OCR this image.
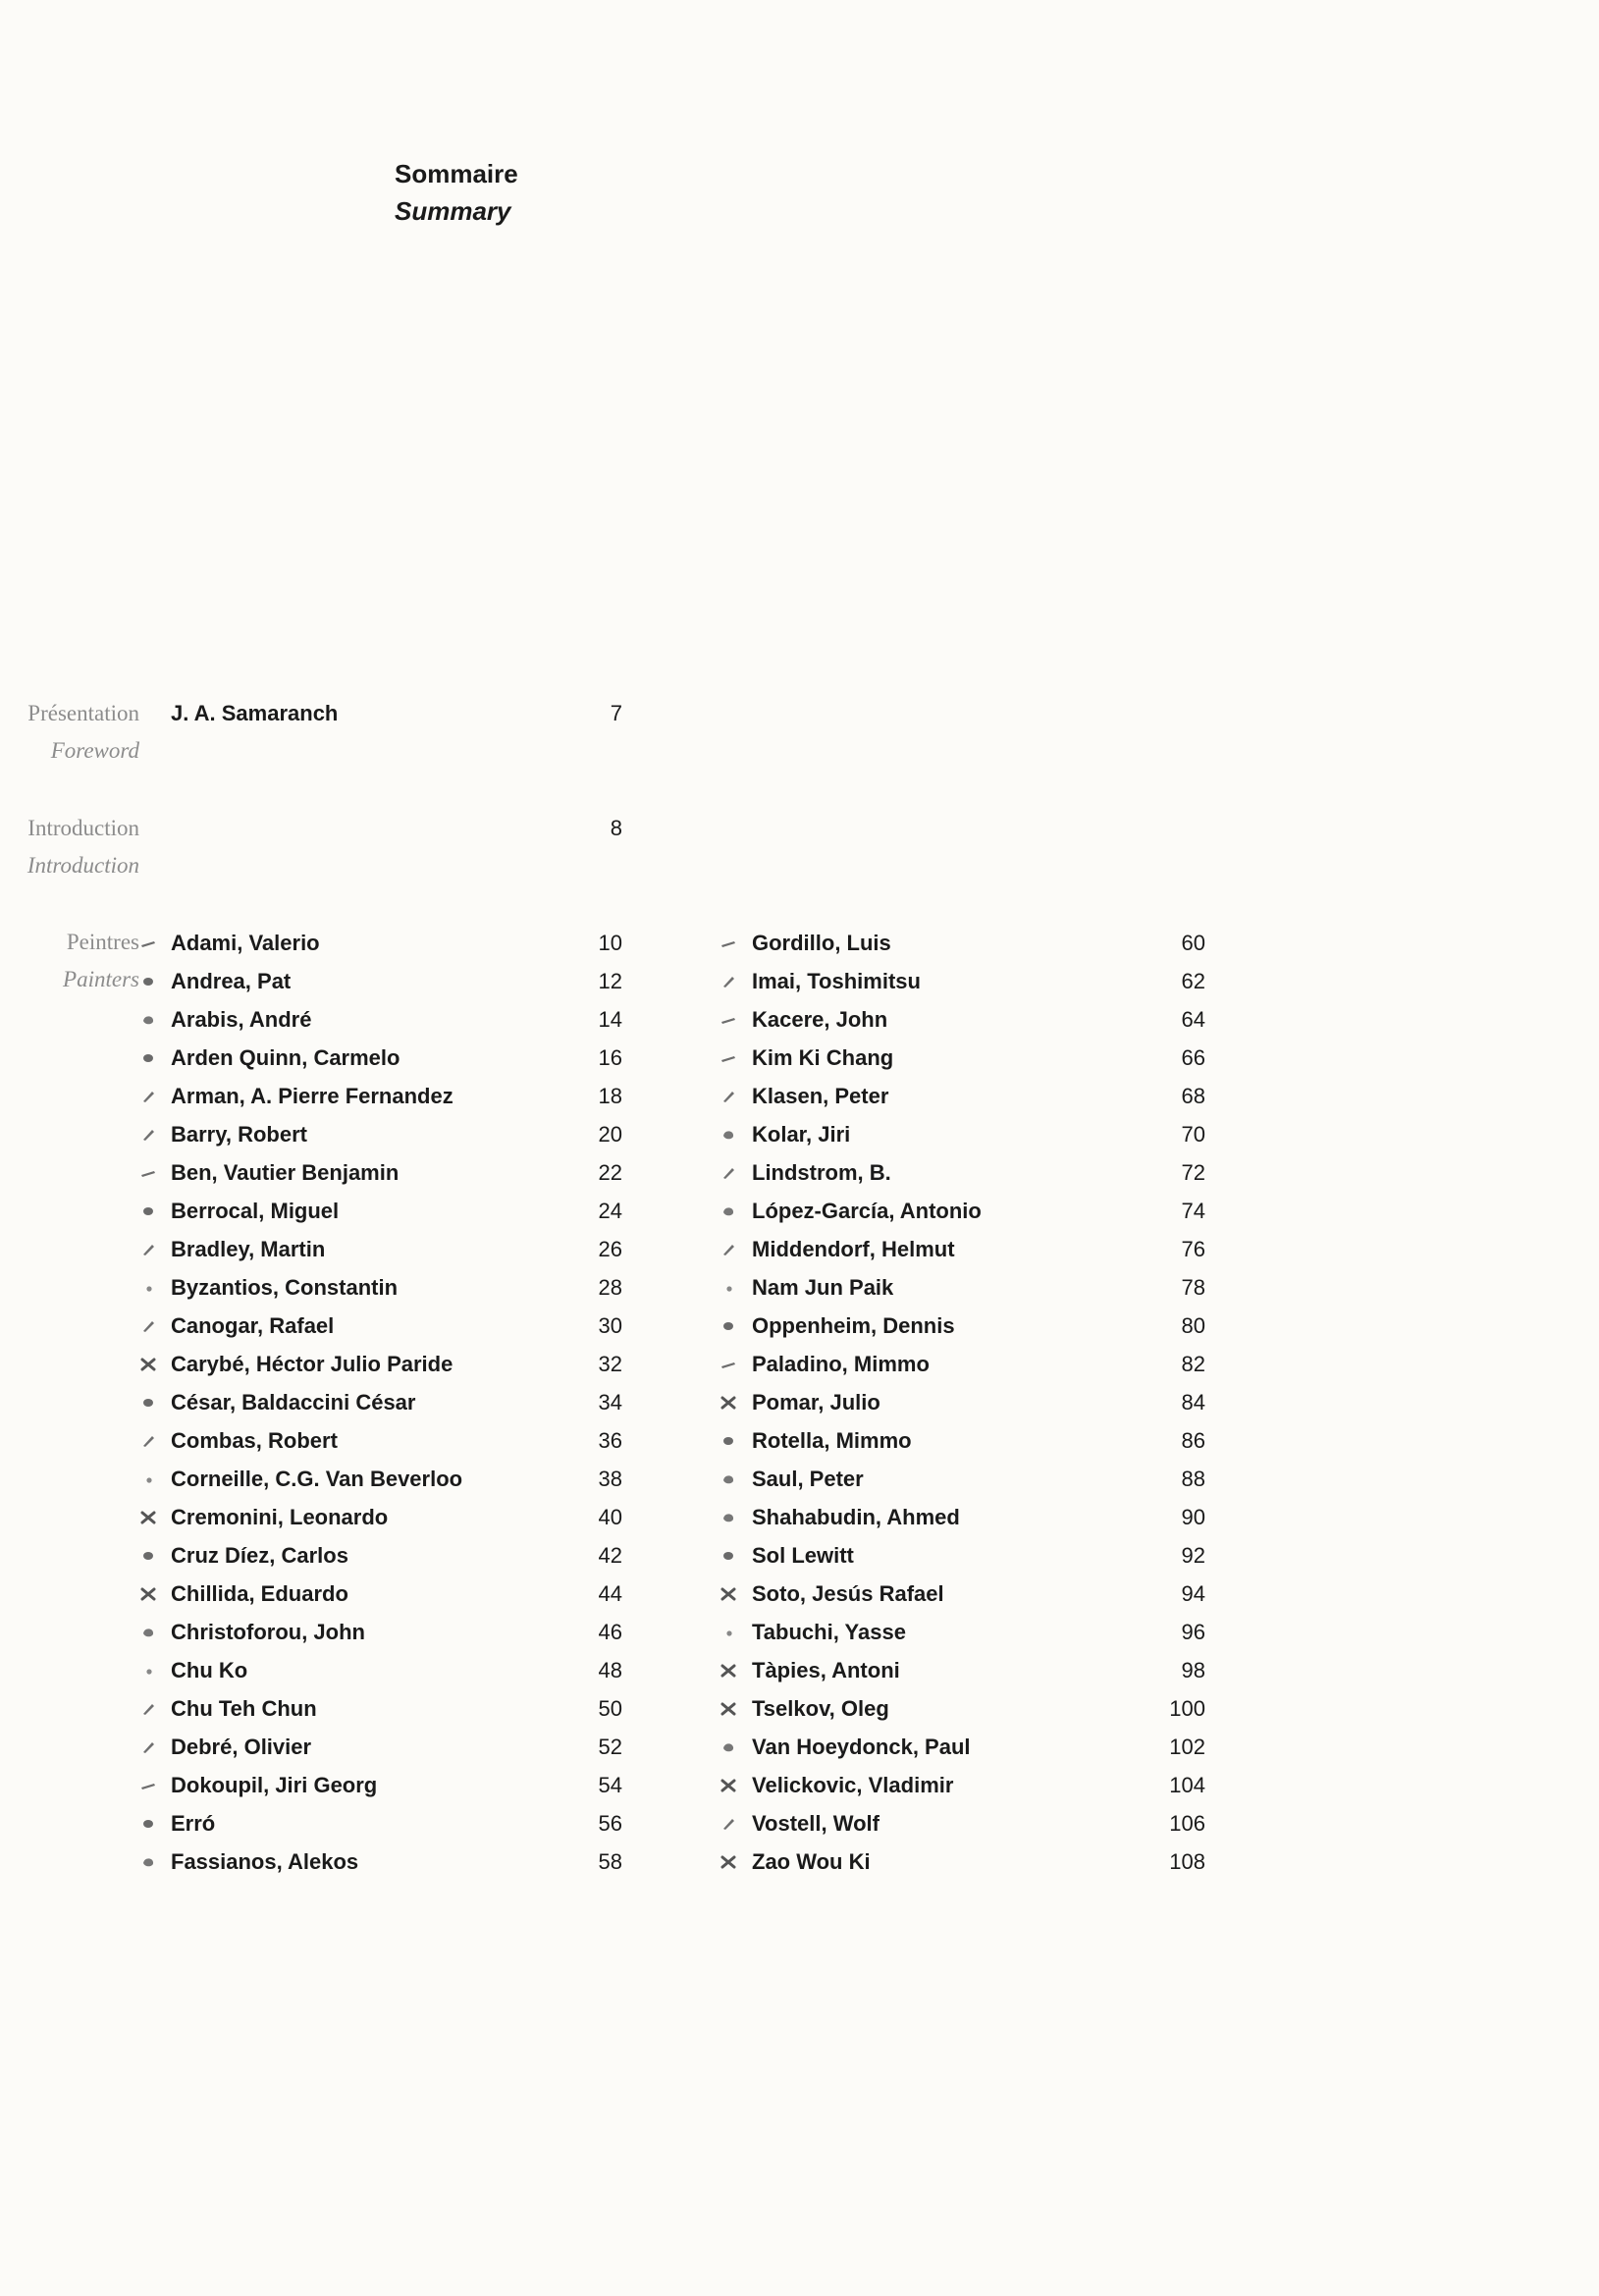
Sommaire
Summary
Présentation
Foreword
J. A. Samaranch	7
Introduction
Introduction
8
Peintres
Painters
Adami, Valerio	10
Andrea, Pat	12
Arabis, André	14
Arden Quinn, Carmelo	16
Arman, A. Pierre Fernandez	18
Barry, Robert	20
Ben, Vautier Benjamin	22
Berrocal, Miguel	24
Bradley, Martin	26
Byzantios, Constantin	28
Canogar, Rafael	30
Carybé, Héctor Julio Paride	32
César, Baldaccini César	34
Combas, Robert	36
Corneille, C.G. Van Beverloo	38
Cremonini, Leonardo	40
Cruz Díez, Carlos	42
Chillida, Eduardo	44
Christoforou, John	46
Chu Ko	48
Chu Teh Chun	50
Debré, Olivier	52
Dokoupil, Jiri Georg	54
Erró	56
Fassianos, Alekos	58
Gordillo, Luis	60
Imai, Toshimitsu	62
Kacere, John	64
Kim Ki Chang	66
Klasen, Peter	68
Kolar, Jiri	70
Lindstrom, B.	72
López-García, Antonio	74
Middendorf, Helmut	76
Nam Jun Paik	78
Oppenheim, Dennis	80
Paladino, Mimmo	82
Pomar, Julio	84
Rotella, Mimmo	86
Saul, Peter	88
Shahabudin, Ahmed	90
Sol Lewitt	92
Soto, Jesús Rafael	94
Tabuchi, Yasse	96
Tàpies, Antoni	98
Tselkov, Oleg	100
Van Hoeydonck, Paul	102
Velickovic, Vladimir	104
Vostell, Wolf	106
Zao Wou Ki	108
